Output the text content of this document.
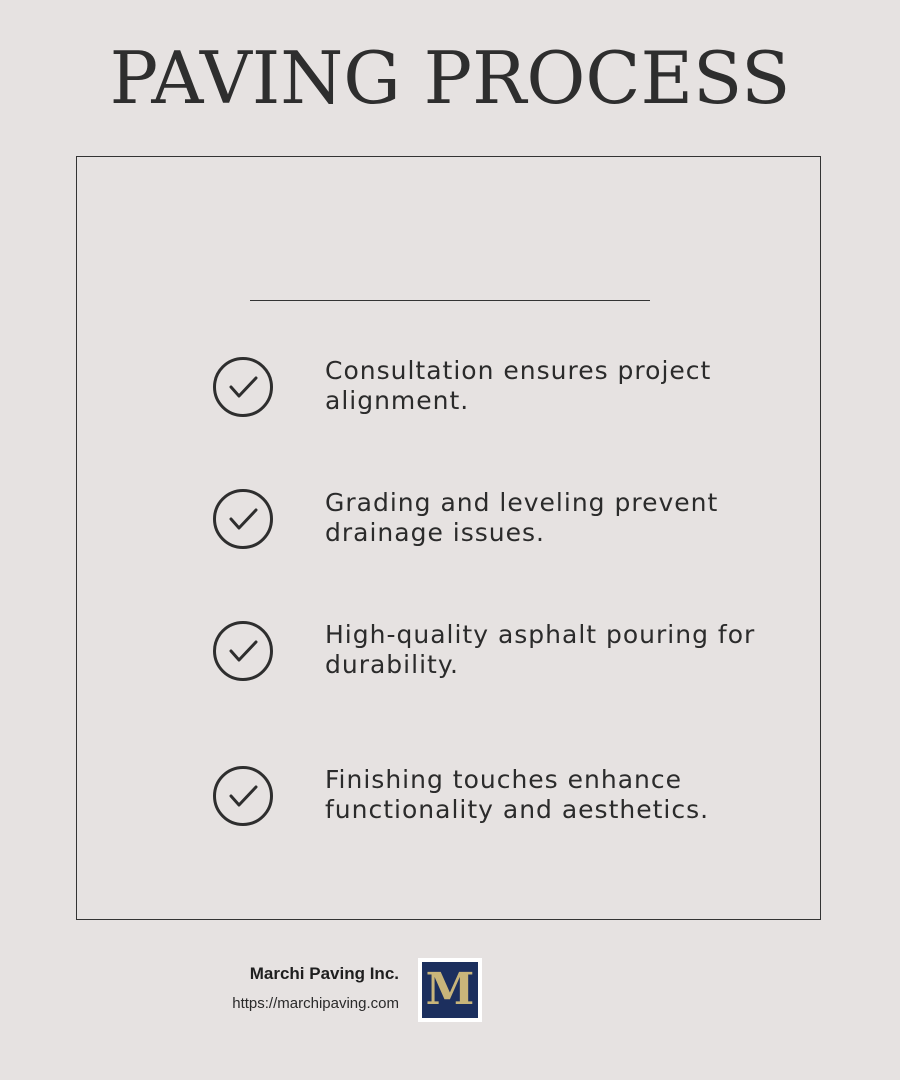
PAVING PROCESS
Consultation ensures project alignment.
Grading and leveling prevent drainage issues.
High-quality asphalt pouring for durability.
Finishing touches enhance functionality and aesthetics.
Marchi Paving Inc.
https://marchipaving.com M
